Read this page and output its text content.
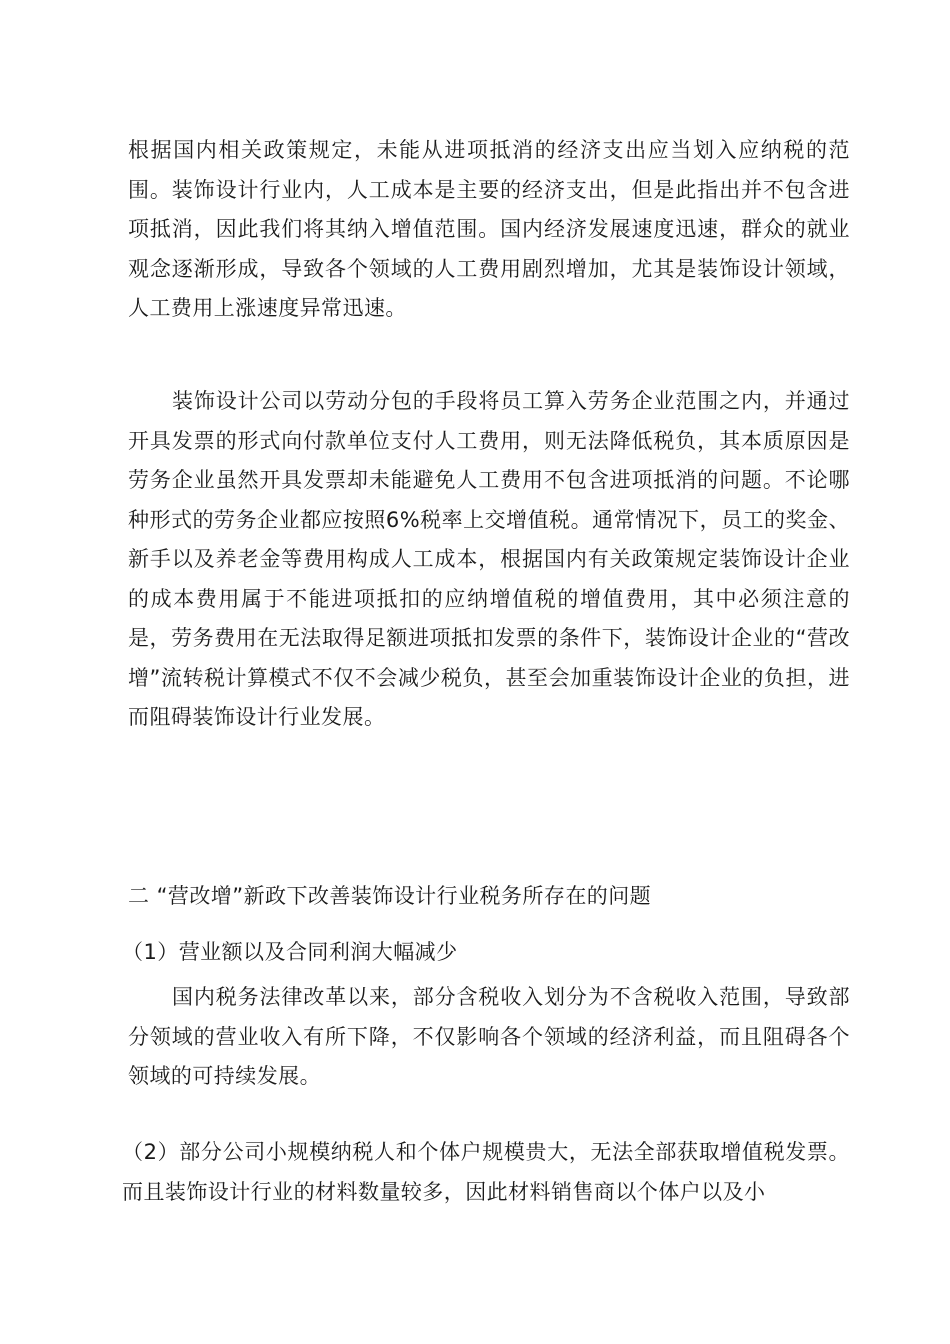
根据国内相关政策规定，未能从进项抵消的经济支出应当划入应纳税的范围。装饰设计行业内，人工成本是主要的经济支出，但是此指出并不包含进项抵消，因此我们将其纳入增值范围。国内经济发展速度迅速，群众的就业观念逐渐形成，导致各个领域的人工费用剧烈增加，尤其是装饰设计领域，人工费用上涨速度异常迅速。

装饰设计公司以劳动分包的手段将员工算入劳务企业范围之内，并通过开具发票的形式向付款单位支付人工费用，则无法降低税负，其本质原因是劳务企业虽然开具发票却未能避免人工费用不包含进项抵消的问题。不论哪种形式的劳务企业都应按照6%税率上交增值税。通常情况下，员工的奖金、新手以及养老金等费用构成人工成本，根据国内有关政策规定装饰设计企业的成本费用属于不能进项抵扣的应纳增值税的增值费用，其中必须注意的是，劳务费用在无法取得足额进项抵扣发票的条件下，装饰设计企业的“营改增”流转税计算模式不仅不会减少税负，甚至会加重装饰设计企业的负担，进而阻碍装饰设计行业发展。

二 “营改增”新政下改善装饰设计行业税务所存在的问题

（1）营业额以及合同利润大幅减少

国内税务法律改革以来，部分含税收入划分为不含税收入范围，导致部分领域的营业收入有所下降，不仅影响各个领域的经济利益，而且阻碍各个领域的可持续发展。

（2）部分公司小规模纳税人和个体户规模贵大，无法全部获取增值税发票。而且装饰设计行业的材料数量较多，因此材料销售商以个体户以及小
